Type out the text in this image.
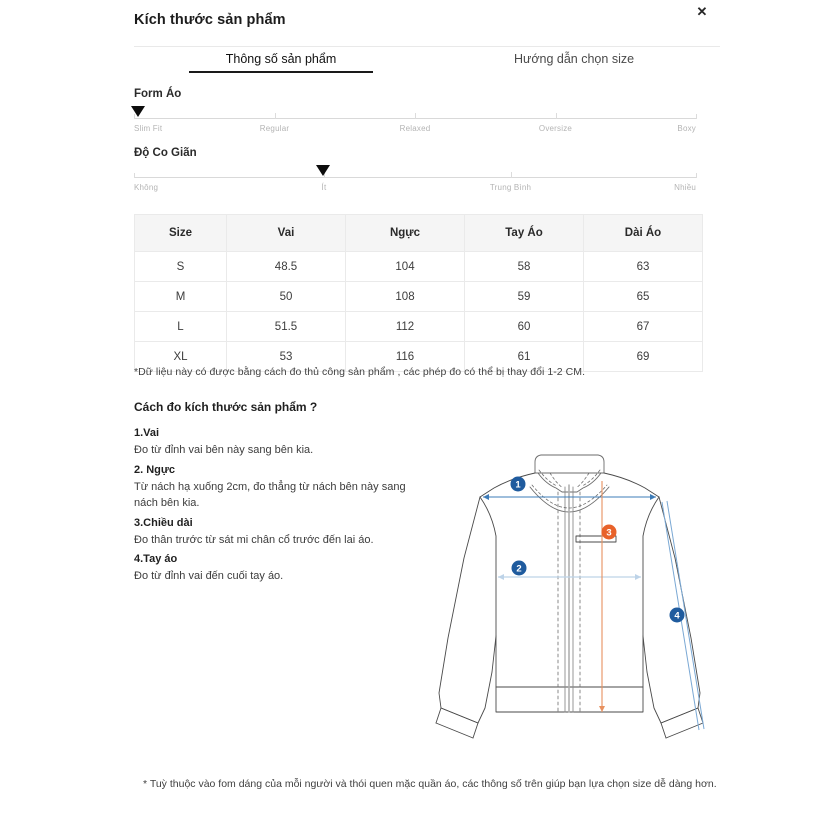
Kích thước sản phẩm
✕
Thông số sản phẩm	Hướng dẫn chọn size
Form Áo
Slim Fit	Regular	Relaxed	Oversize	Boxy
Độ Co Giãn
Không	Ít	Trung Bình	Nhiều
Size	Vai	Ngực	Tay Áo	Dài Áo
S	48.5	104	58	63
M	50	108	59	65
L	51.5	112	60	67
XL	53	116	61	69
*Dữ liệu này có được bằng cách đo thủ công sản phẩm , các phép đo có thể bị thay đổi 1-2 CM.
Cách đo kích thước sản phẩm ?
1.Vai
Đo từ đỉnh vai bên này sang bên kia.
2. Ngực
Từ nách hạ xuống 2cm, đo thẳng từ nách bên này sang nách bên kia.
3.Chiều dài
Đo thân trước từ sát mi chân cổ trước đến lai áo.
4.Tay áo
Đo từ đỉnh vai đến cuối tay áo.
1
2
3
4
* Tuỳ thuộc vào fom dáng của mỗi người và thói quen mặc quần áo, các thông số trên giúp bạn lựa chọn size dễ dàng hơn.
